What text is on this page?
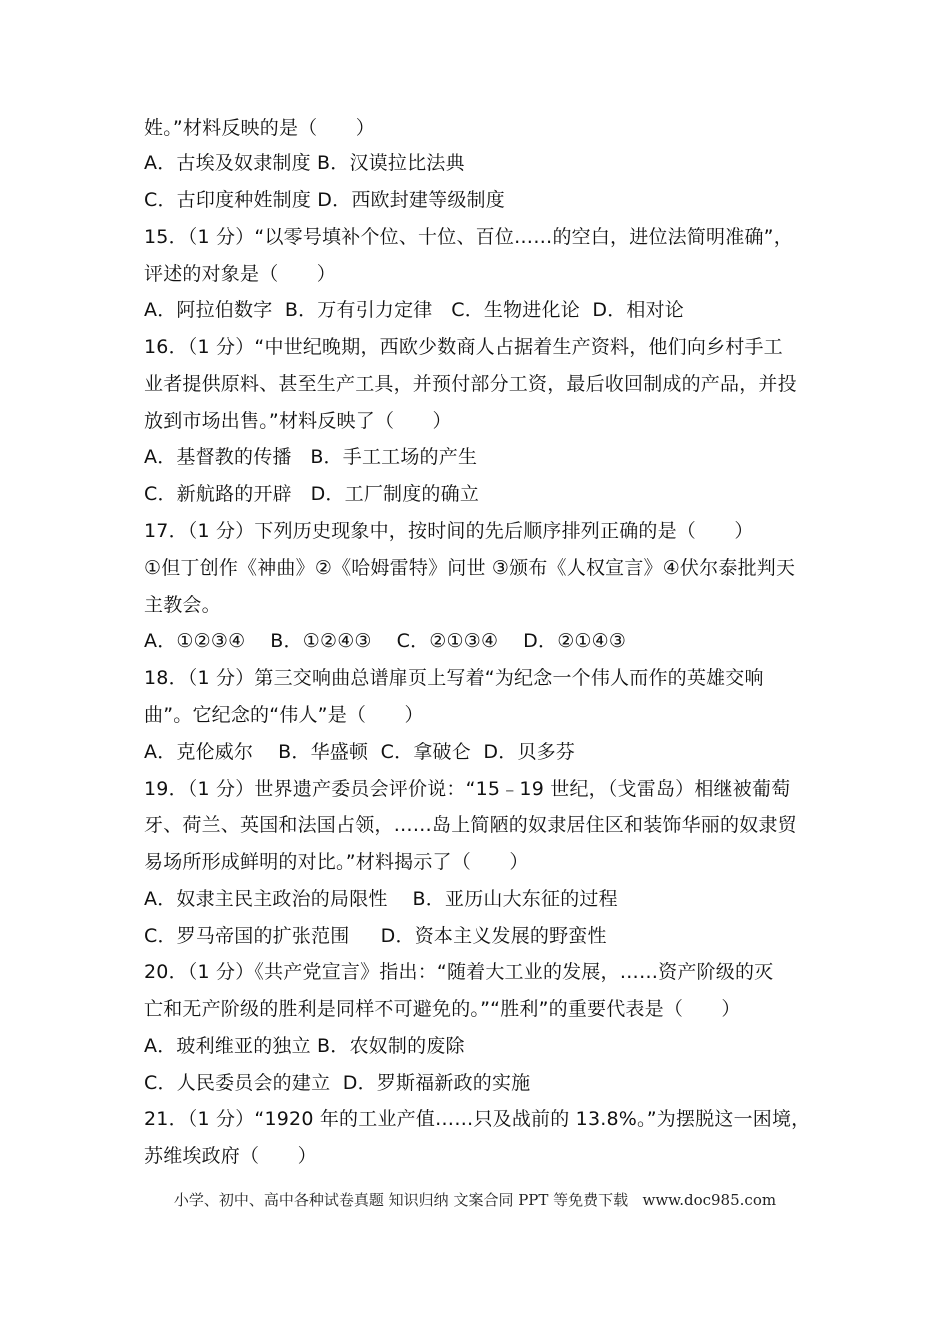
姓。”材料反映的是（　　）
A．古埃及奴隶制度 B．汉谟拉比法典
C．古印度种姓制度 D．西欧封建等级制度
15．（1 分）“以零号填补个位、十位、百位……的空白，进位法简明准确”，
评述的对象是（　　）
A．阿拉伯数字  B．万有引力定律   C．生物进化论  D．相对论
16．（1 分）“中世纪晚期，西欧少数商人占据着生产资料，他们向乡村手工
业者提供原料、甚至生产工具，并预付部分工资，最后收回制成的产品，并投
放到市场出售。”材料反映了（　　）
A．基督教的传播   B．手工工场的产生
C．新航路的开辟   D．工厂制度的确立
17．（1 分）下列历史现象中，按时间的先后顺序排列正确的是（　　）
①但丁创作《神曲》②《哈姆雷特》问世 ③颁布《人权宣言》④伏尔泰批判天
主教会。
A．①②③④    B．①②④③    C．②①③④    D．②①④③
18．（1 分）第三交响曲总谱扉页上写着“为纪念一个伟人而作的英雄交响
曲”。它纪念的“伟人”是（　　）
A．克伦威尔    B．华盛顿  C．拿破仑  D．贝多芬
19．（1 分）世界遗产委员会评价说：“15﹣19 世纪，（戈雷岛）相继被葡萄
牙、荷兰、英国和法国占领，……岛上简陋的奴隶居住区和装饰华丽的奴隶贸
易场所形成鲜明的对比。”材料揭示了（　　）
A．奴隶主民主政治的局限性    B．亚历山大东征的过程
C．罗马帝国的扩张范围     D．资本主义发展的野蛮性
20．（1 分）《共产党宣言》指出：“随着大工业的发展，……资产阶级的灭
亡和无产阶级的胜利是同样不可避免的。”“胜利”的重要代表是（　　）
A．玻利维亚的独立 B．农奴制的废除
C．人民委员会的建立  D．罗斯福新政的实施
21．（1 分）“1920 年的工业产值……只及战前的 13.8%。”为摆脱这一困境，
苏维埃政府（　　）
小学、初中、高中各种试卷真题 知识归纳 文案合同 PPT 等免费下载   www.doc985.com
